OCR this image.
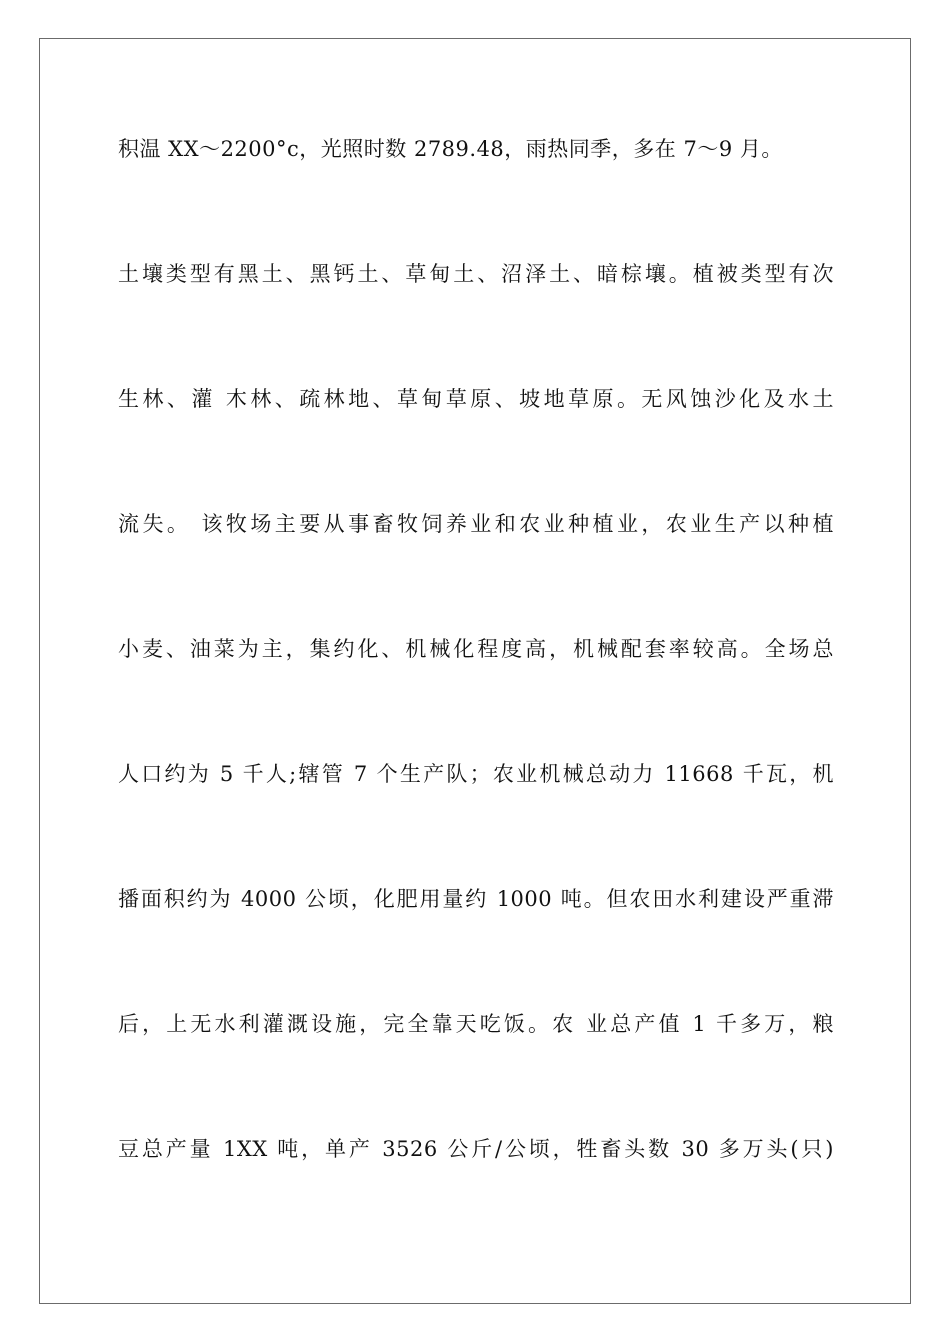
积温 XX～2200°c，光照时数 2789.48，雨热同季，多在 7～9 月。
土壤类型有黑土、黑钙土、草甸土、沼泽土、暗棕壤。植被类型有次
生林、灌 木林、疏林地、草甸草原、坡地草原。无风蚀沙化及水土
流失。 该牧场主要从事畜牧饲养业和农业种植业，农业生产以种植
小麦、油菜为主，集约化、机械化程度高，机械配套率较高。全场总
人口约为 5 千人;辖管 7 个生产队；农业机械总动力 11668 千瓦，机
播面积约为 4000 公顷，化肥用量约 1000 吨。但农田水利建设严重滞
后，上无水利灌溉设施，完全靠天吃饭。农 业总产值 1 千多万，粮
豆总产量 1XX 吨，单产 3526 公斤/公顷，牲畜头数 30 多万头(只)
